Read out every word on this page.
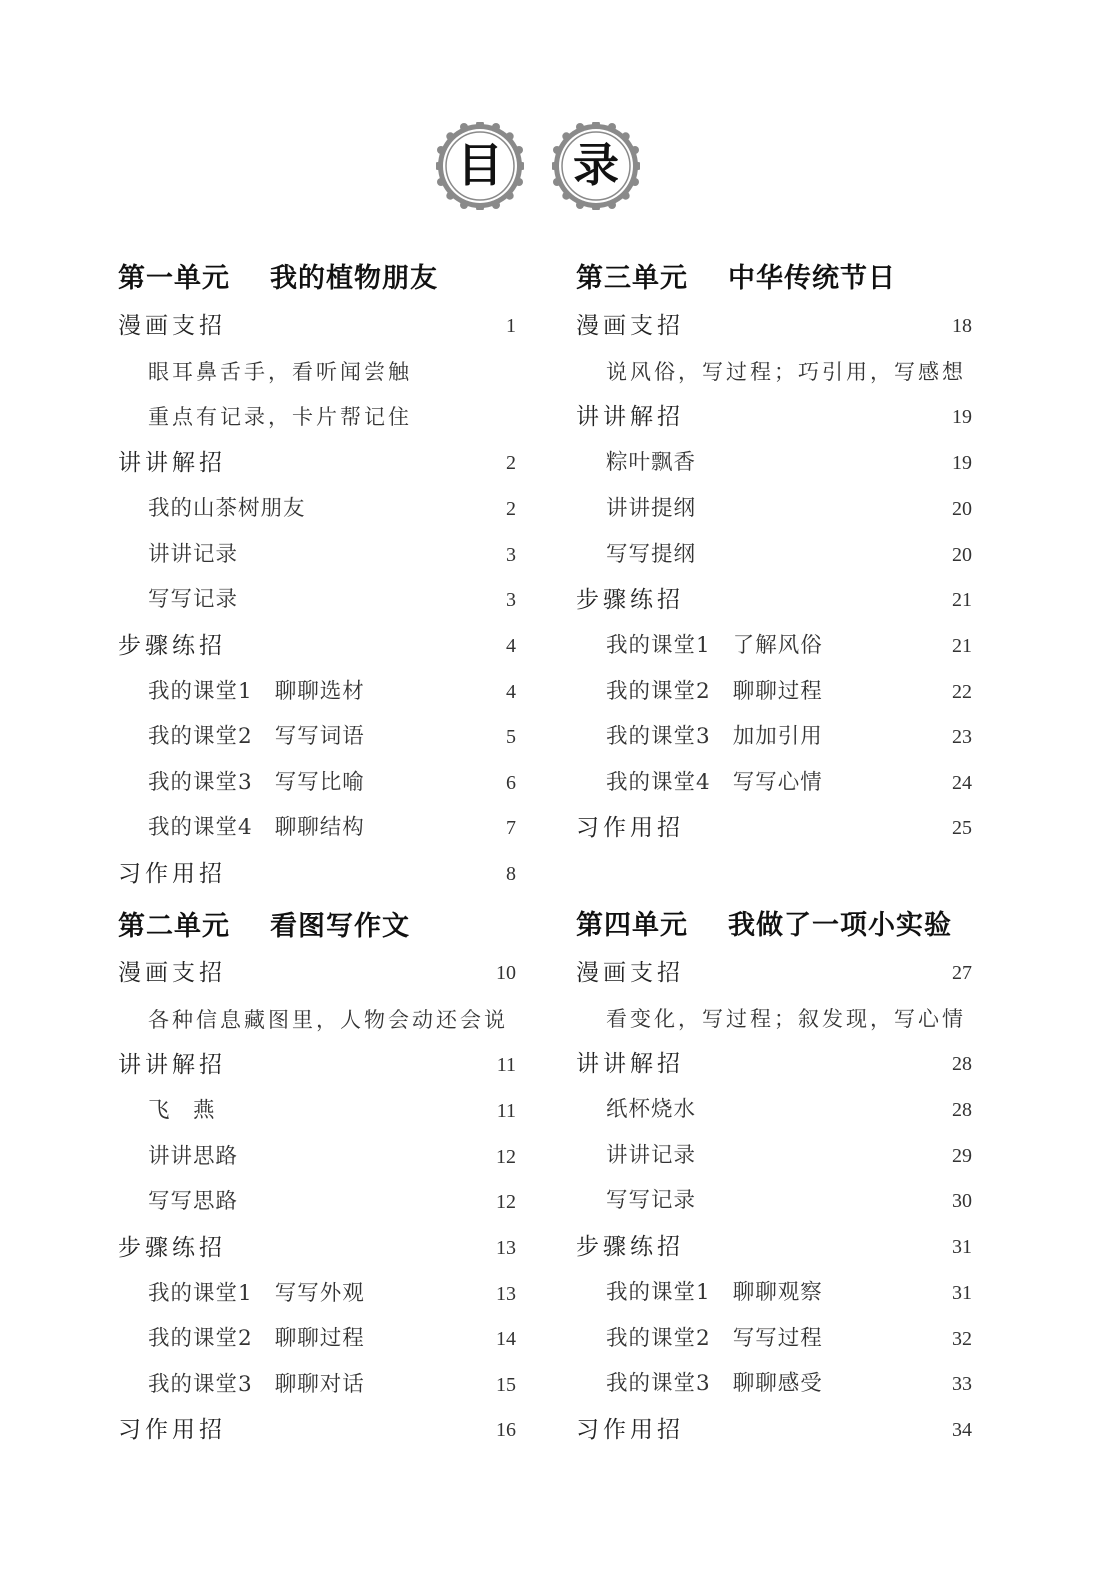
目	录
第一单元 我的植物朋友
漫画支招	1
眼耳鼻舌手，看听闻尝触
重点有记录，卡片帮记住
讲讲解招	2
我的山茶树朋友	2
讲讲记录	3
写写记录	3
步骤练招	4
我的课堂1 聊聊选材	4
我的课堂2 写写词语	5
我的课堂3 写写比喻	6
我的课堂4 聊聊结构	7
习作用招	8
第二单元 看图写作文
漫画支招	10
各种信息藏图里，人物会动还会说
讲讲解招	11
飞　燕	11
讲讲思路	12
写写思路	12
步骤练招	13
我的课堂1 写写外观	13
我的课堂2 聊聊过程	14
我的课堂3 聊聊对话	15
习作用招	16
第三单元 中华传统节日
漫画支招	18
说风俗，写过程；巧引用，写感想
讲讲解招	19
粽叶飘香	19
讲讲提纲	20
写写提纲	20
步骤练招	21
我的课堂1 了解风俗	21
我的课堂2 聊聊过程	22
我的课堂3 加加引用	23
我的课堂4 写写心情	24
习作用招	25
第四单元 我做了一项小实验
漫画支招	27
看变化，写过程；叙发现，写心情
讲讲解招	28
纸杯烧水	28
讲讲记录	29
写写记录	30
步骤练招	31
我的课堂1 聊聊观察	31
我的课堂2 写写过程	32
我的课堂3 聊聊感受	33
习作用招	34
